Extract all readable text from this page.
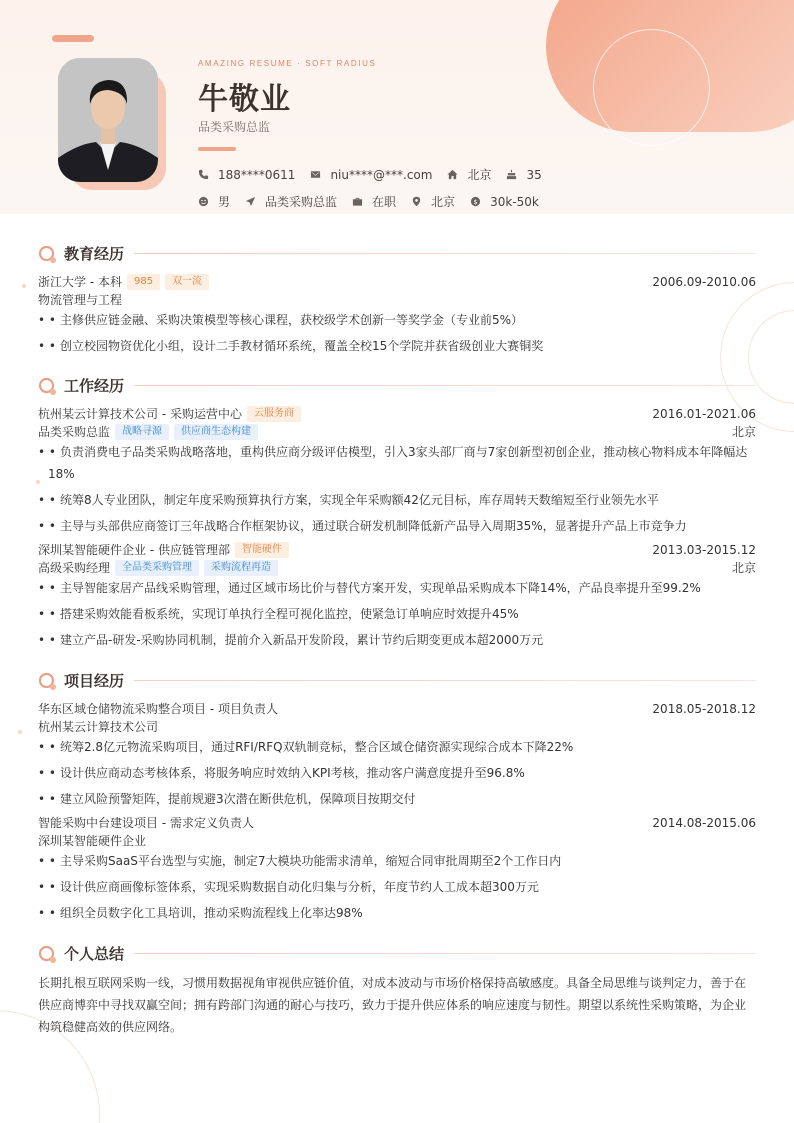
AMAZING RESUME · SOFT RADIUS
牛敬业
品类采购总监
188****0611	niu****@***.com	北京	35
男	品类采购总监	在职	北京	$ 30k-50k
教育经历
浙江大学 - 本科	985	双一流	2006.09-2010.06
物流管理与工程
• • 主修供应链金融、采购决策模型等核心课程，获校级学术创新一等奖学金（专业前5%）
• • 创立校园物资优化小组，设计二手教材循环系统，覆盖全校15个学院并获省级创业大赛铜奖
工作经历
杭州某云计算技术公司 - 采购运营中心	云服务商	2016.01-2021.06
品类采购总监	战略寻源	供应商生态构建	北京
• • 负责消费电子品类采购战略落地，重构供应商分级评估模型，引入3家头部厂商与7家创新型初创企业，推动核心物料成本年降幅达
18%
• • 统筹8人专业团队，制定年度采购预算执行方案，实现全年采购额42亿元目标，库存周转天数缩短至行业领先水平
• • 主导与头部供应商签订三年战略合作框架协议，通过联合研发机制降低新产品导入周期35%，显著提升产品上市竞争力
深圳某智能硬件企业 - 供应链管理部	智能硬件	2013.03-2015.12
高级采购经理	全品类采购管理	采购流程再造	北京
• • 主导智能家居产品线采购管理，通过区域市场比价与替代方案开发，实现单品采购成本下降14%，产品良率提升至99.2%
• • 搭建采购效能看板系统，实现订单执行全程可视化监控，使紧急订单响应时效提升45%
• • 建立产品-研发-采购协同机制，提前介入新品开发阶段，累计节约后期变更成本超2000万元
项目经历
华东区域仓储物流采购整合项目 - 项目负责人	2018.05-2018.12
杭州某云计算技术公司
• • 统筹2.8亿元物流采购项目，通过RFI/RFQ双轨制竞标，整合区域仓储资源实现综合成本下降22%
• • 设计供应商动态考核体系，将服务响应时效纳入KPI考核，推动客户满意度提升至96.8%
• • 建立风险预警矩阵，提前规避3次潜在断供危机，保障项目按期交付
智能采购中台建设项目 - 需求定义负责人	2014.08-2015.06
深圳某智能硬件企业
• • 主导采购SaaS平台选型与实施，制定7大模块功能需求清单，缩短合同审批周期至2个工作日内
• • 设计供应商画像标签体系，实现采购数据自动化归集与分析，年度节约人工成本超300万元
• • 组织全员数字化工具培训，推动采购流程线上化率达98%
个人总结
长期扎根互联网采购一线，习惯用数据视角审视供应链价值，对成本波动与市场价格保持高敏感度。具备全局思维与谈判定力，善于在供应商博弈中寻找双赢空间；拥有跨部门沟通的耐心与技巧，致力于提升供应体系的响应速度与韧性。期望以系统性采购策略，为企业构筑稳健高效的供应网络。
